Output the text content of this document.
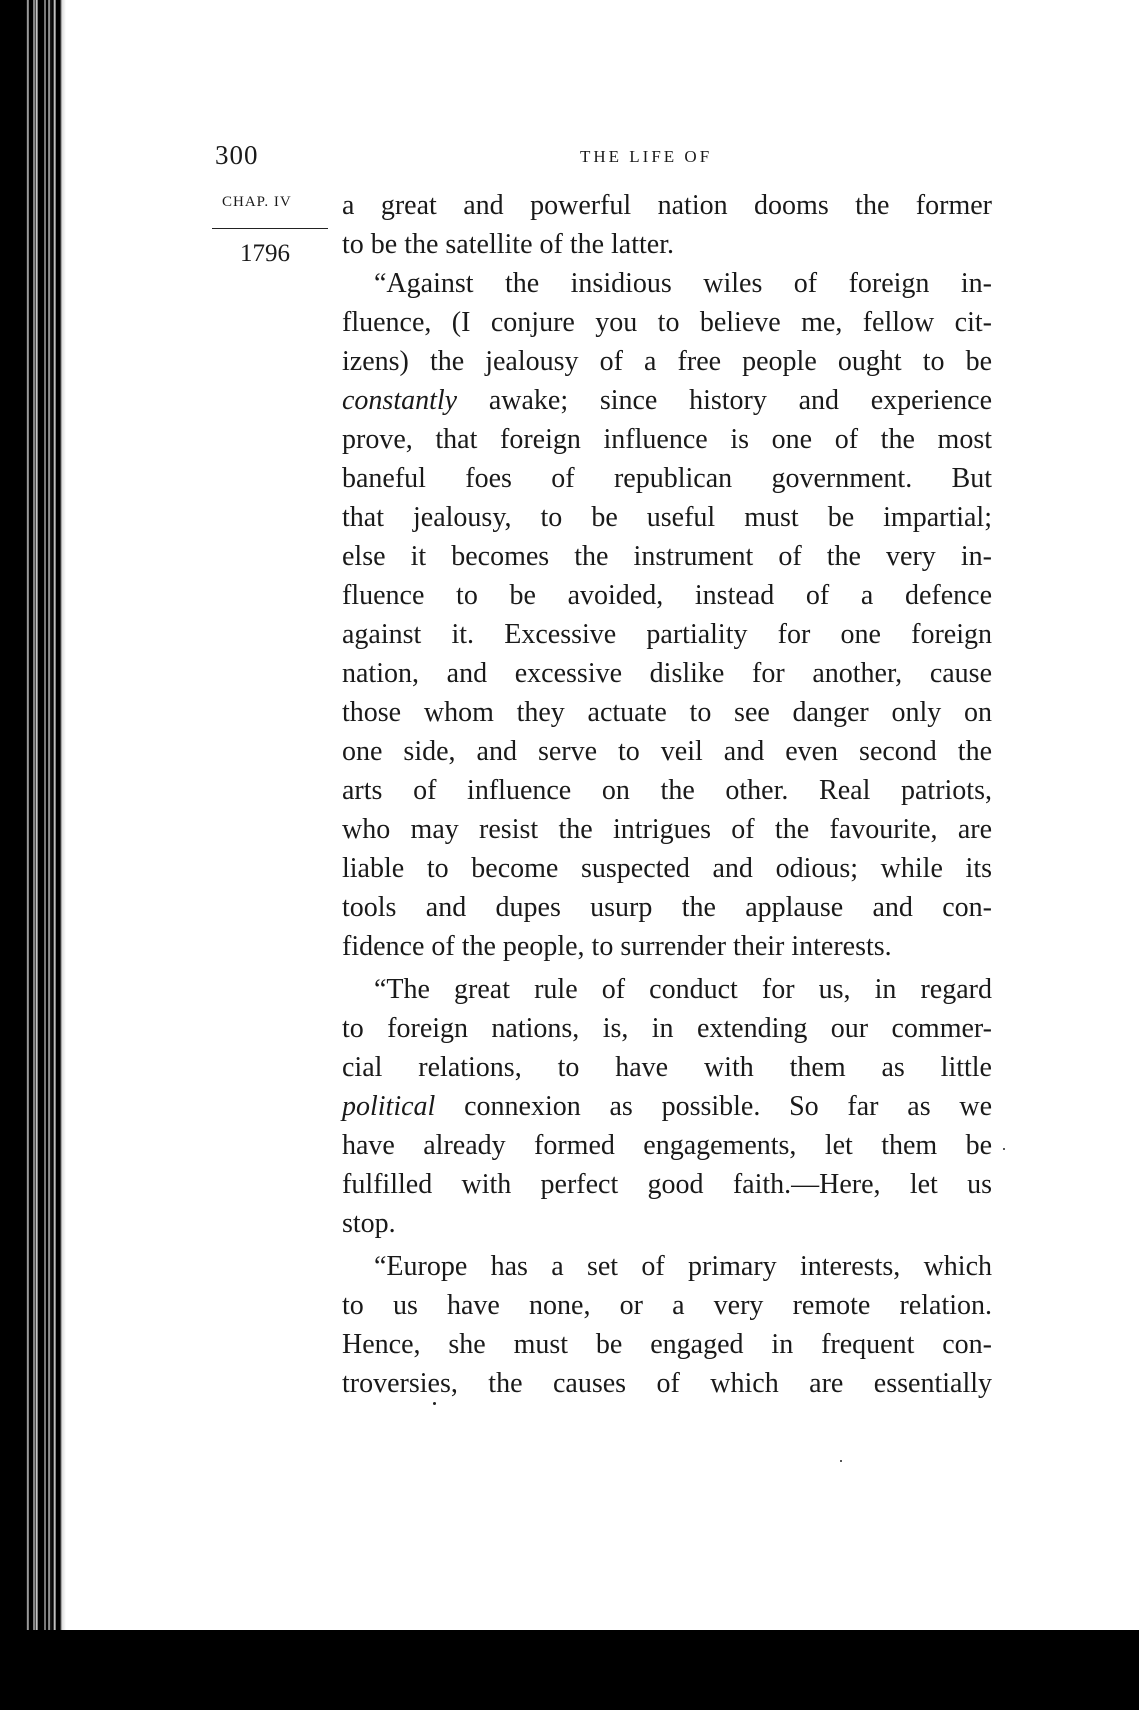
300	THE LIFE OF
CHAP. IV
1796
a great and powerful nation dooms the former
to be the satellite of the latter.
“Against the insidious wiles of foreign in-
fluence, (I conjure you to believe me, fellow cit-
izens) the jealousy of a free people ought to be
constantly awake; since history and experience
prove, that foreign influence is one of the most
baneful foes of republican government. But
that jealousy, to be useful must be impartial;
else it becomes the instrument of the very in-
fluence to be avoided, instead of a defence
against it. Excessive partiality for one foreign
nation, and excessive dislike for another, cause
those whom they actuate to see danger only on
one side, and serve to veil and even second the
arts of influence on the other. Real patriots,
who may resist the intrigues of the favourite, are
liable to become suspected and odious; while its
tools and dupes usurp the applause and con-
fidence of the people, to surrender their interests.
“The great rule of conduct for us, in regard
to foreign nations, is, in extending our commer-
cial relations, to have with them as little
political connexion as possible. So far as we
have already formed engagements, let them be
fulfilled with perfect good faith.—Here, let us
stop.
“Europe has a set of primary interests, which
to us have none, or a very remote relation.
Hence, she must be engaged in frequent con-
troversies, the causes of which are essentially
